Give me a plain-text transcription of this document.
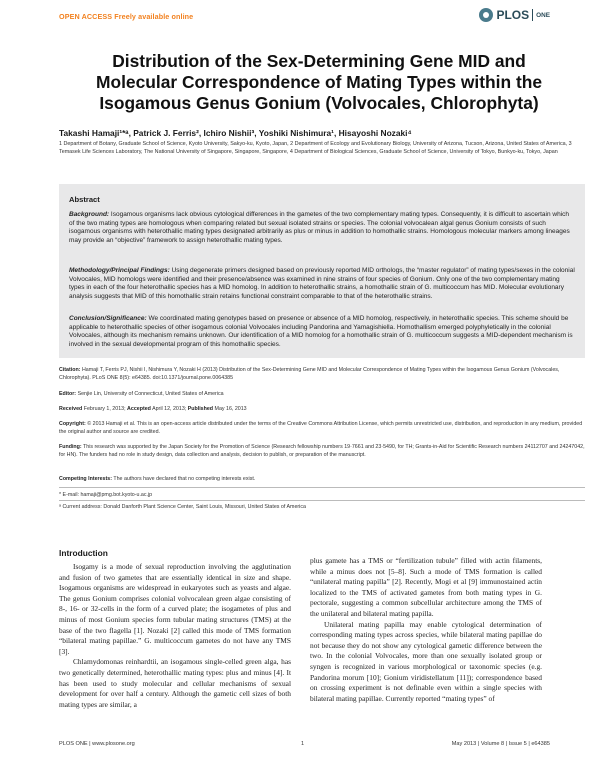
OPEN ACCESS Freely available online	PLOS ONE
Distribution of the Sex-Determining Gene MID and
Molecular Correspondence of Mating Types within the
Isogamous Genus Gonium (Volvocales, Chlorophyta)
Takashi Hamaji¹*ᵃ, Patrick J. Ferris², Ichiro Nishii³, Yoshiki Nishimura¹, Hisayoshi Nozaki⁴
1 Department of Botany, Graduate School of Science, Kyoto University, Sakyo-ku, Kyoto, Japan, 2 Department of Ecology and Evolutionary Biology, University of Arizona, Tucson, Arizona, United States of America, 3 Temasek Life Sciences Laboratory, The National University of Singapore, Singapore, Singapore, 4 Department of Biological Sciences, Graduate School of Science, University of Tokyo, Bunkyo-ku, Tokyo, Japan
Abstract

Background: Isogamous organisms lack obvious cytological differences in the gametes of the two complementary mating types. Consequently, it is difficult to ascertain which of the two mating types are homologous when comparing related but sexual isolated strains or species. The colonial volvocalean algal genus Gonium consists of such isogamous organisms with heterothallic mating types designated arbitrarily as plus or minus in addition to homothallic strains. Homologous molecular markers among lineages may provide an “objective” framework to assign heterothallic mating types.

Methodology/Principal Findings: Using degenerate primers designed based on previously reported MID orthologs, the “master regulator” of mating types/sexes in the colonial Volvocales, MID homologs were identified and their presence/absence was examined in nine strains of four species of Gonium. Only one of the two complementary mating types in each of the four heterothallic species has a MID homolog. In addition to heterothallic strains, a homothallic strain of G. multicoccum has MID. Molecular evolutionary analysis suggests that MID of this homothallic strain retains functional constraint comparable to that of the heterothallic strains.

Conclusion/Significance: We coordinated mating genotypes based on presence or absence of a MID homolog, respectively, in heterothallic species. This scheme should be applicable to heterothallic species of other isogamous colonial Volvocales including Pandorina and Yamagishiella. Homothallism emerged polyphyletically in the colonial Volvocales, although its mechanism remains unknown. Our identification of a MID homolog for a homothallic strain of G. multicoccum suggests a MID-dependent mechanism is involved in the sexual developmental program of this homothallic species.

Citation: Hamaji T, Ferris PJ, Nishii I, Nishimura Y, Nozaki H (2013) Distribution of the Sex-Determining Gene MID and Molecular Correspondence of Mating Types within the Isogamous Genus Gonium (Volvocales, Chlorophyta). PLoS ONE 8(5): e64385. doi:10.1371/journal.pone.0064385

Editor: Senjie Lin, University of Connecticut, United States of America

Received February 1, 2013; Accepted April 12, 2013; Published May 16, 2013

Copyright: © 2013 Hamaji et al. This is an open-access article distributed under the terms of the Creative Commons Attribution License, which permits unrestricted use, distribution, and reproduction in any medium, provided the original author and source are credited.

Funding: This research was supported by the Japan Society for the Promotion of Science (Research fellowship numbers 19·7661 and 23·5490, for TH; Grants-in-Aid for Scientific Research numbers 24112707 and 24247042, for HN). The funders had no role in study design, data collection and analysis, decision to publish, or preparation of the manuscript.

Competing Interests: The authors have declared that no competing interests exist.

* E-mail: hamaji@pmg.bot.kyoto-u.ac.jp

ᵃ Current address: Donald Danforth Plant Science Center, Saint Louis, Missouri, United States of America

Introduction

Isogamy is a mode of sexual reproduction involving the agglutination and fusion of two gametes that are essentially identical in size and shape. Isogamous organisms are widespread in eukaryotes such as yeasts and algae. The genus Gonium comprises colonial volvocalean green algae consisting of 8-, 16- or 32-cells in the form of a curved plate; the isogametes of plus and minus of most Gonium species form tubular mating structures (TMS) at the base of the two flagella [1]. Nozaki [2] called this mode of TMS formation “bilateral mating papillae.” G. multicoccum gametes do not have any TMS [3].

Chlamydomonas reinhardtii, an isogamous single-celled green alga, has two genetically determined, heterothallic mating types: plus and minus [4]. It has been used to study molecular and cellular mechanisms of sexual development for over half a century. Although the gametic cell sizes of both mating types are similar, a

plus gamete has a TMS or “fertilization tubule” filled with actin filaments, while a minus does not [5–8]. Such a mode of TMS formation is called “unilateral mating papilla” [2]. Recently, Mogi et al [9] immunostained actin localized to the TMS of activated gametes from both mating types in G. pectorale, suggesting a common subcellular architecture among the TMS of the unilateral and bilateral mating papilla.

Unilateral mating papilla may enable cytological determination of corresponding mating types across species, while bilateral mating papillae do not because they do not show any cytological gametic difference between the two. In the colonial Volvocales, more than one sexually isolated group or syngen is recognized in various morphological or taxonomic species (e.g. Pandorina morum [10]; Gonium viridistellatum [11]); correspondence based on crossing experiment is not definable even within a single species with bilateral mating papillae. Currently reported “mating types” of

PLOS ONE | www.plosone.org	1	May 2013 | Volume 8 | Issue 5 | e64385
